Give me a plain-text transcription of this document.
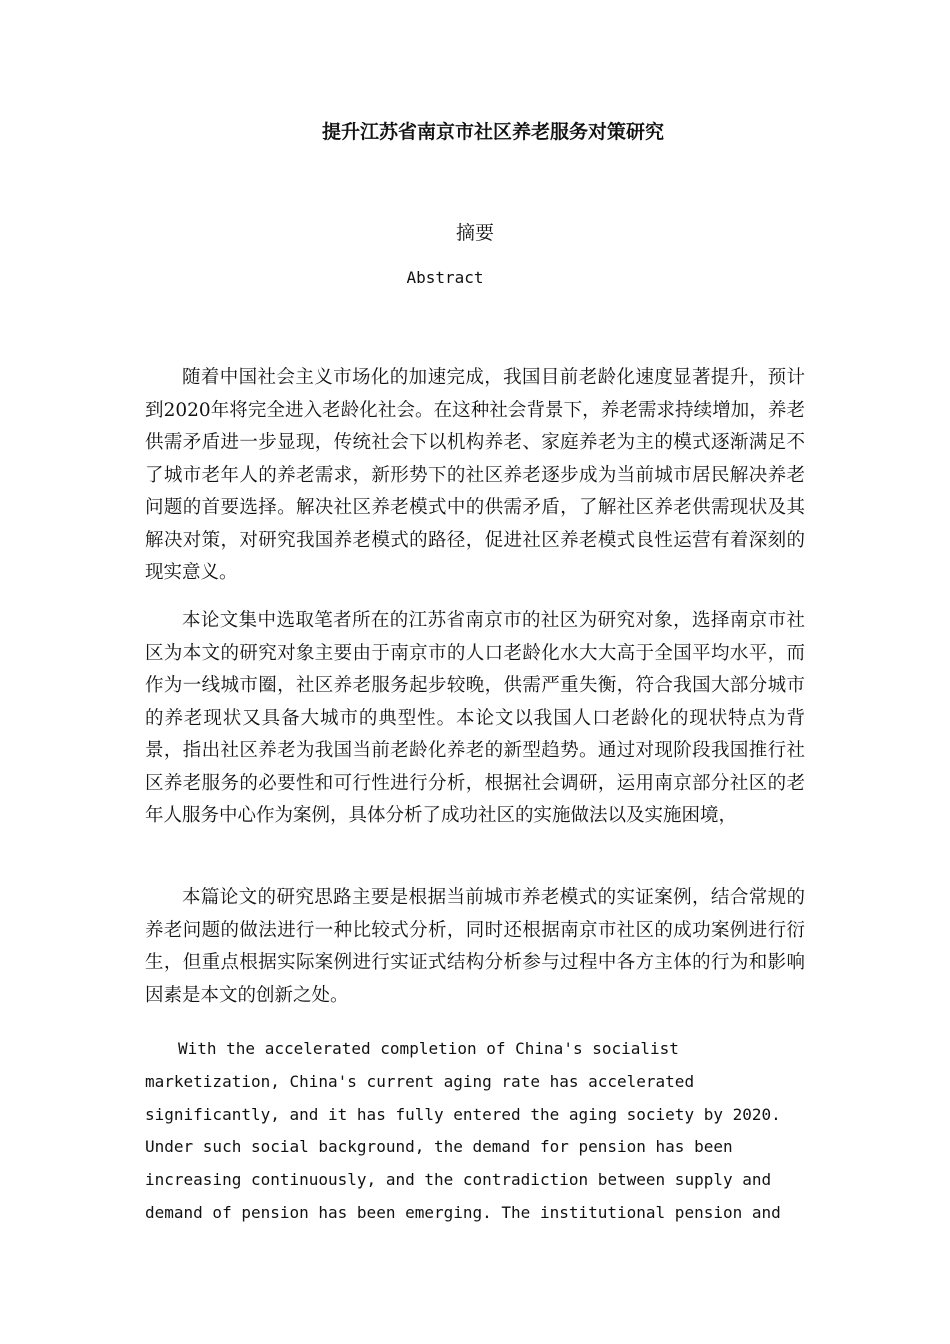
提升江苏省南京市社区养老服务对策研究
摘要
Abstract

随着中国社会主义市场化的加速完成，我国目前老龄化速度显著提升，预计到2020年将完全进入老龄化社会。在这种社会背景下，养老需求持续增加，养老供需矛盾进一步显现，传统社会下以机构养老、家庭养老为主的模式逐渐满足不了城市老年人的养老需求，新形势下的社区养老逐步成为当前城市居民解决养老问题的首要选择。解决社区养老模式中的供需矛盾，了解社区养老供需现状及其解决对策，对研究我国养老模式的路径，促进社区养老模式良性运营有着深刻的现实意义。

本论文集中选取笔者所在的江苏省南京市的社区为研究对象，选择南京市社区为本文的研究对象主要由于南京市的人口老龄化水大大高于全国平均水平，而作为一线城市圈，社区养老服务起步较晚，供需严重失衡，符合我国大部分城市的养老现状又具备大城市的典型性。本论文以我国人口老龄化的现状特点为背景，指出社区养老为我国当前老龄化养老的新型趋势。通过对现阶段我国推行社区养老服务的必要性和可行性进行分析，根据社会调研，运用南京部分社区的老年人服务中心作为案例，具体分析了成功社区的实施做法以及实施困境，

本篇论文的研究思路主要是根据当前城市养老模式的实证案例，结合常规的养老问题的做法进行一种比较式分析，同时还根据南京市社区的成功案例进行衍生，但重点根据实际案例进行实证式结构分析参与过程中各方主体的行为和影响因素是本文的创新之处。

With the accelerated completion of China's socialist marketization, China's current aging rate has accelerated significantly, and it has fully entered the aging society by 2020. Under such social background, the demand for pension has been increasing continuously, and the contradiction between supply and demand of pension has been emerging. The institutional pension and
